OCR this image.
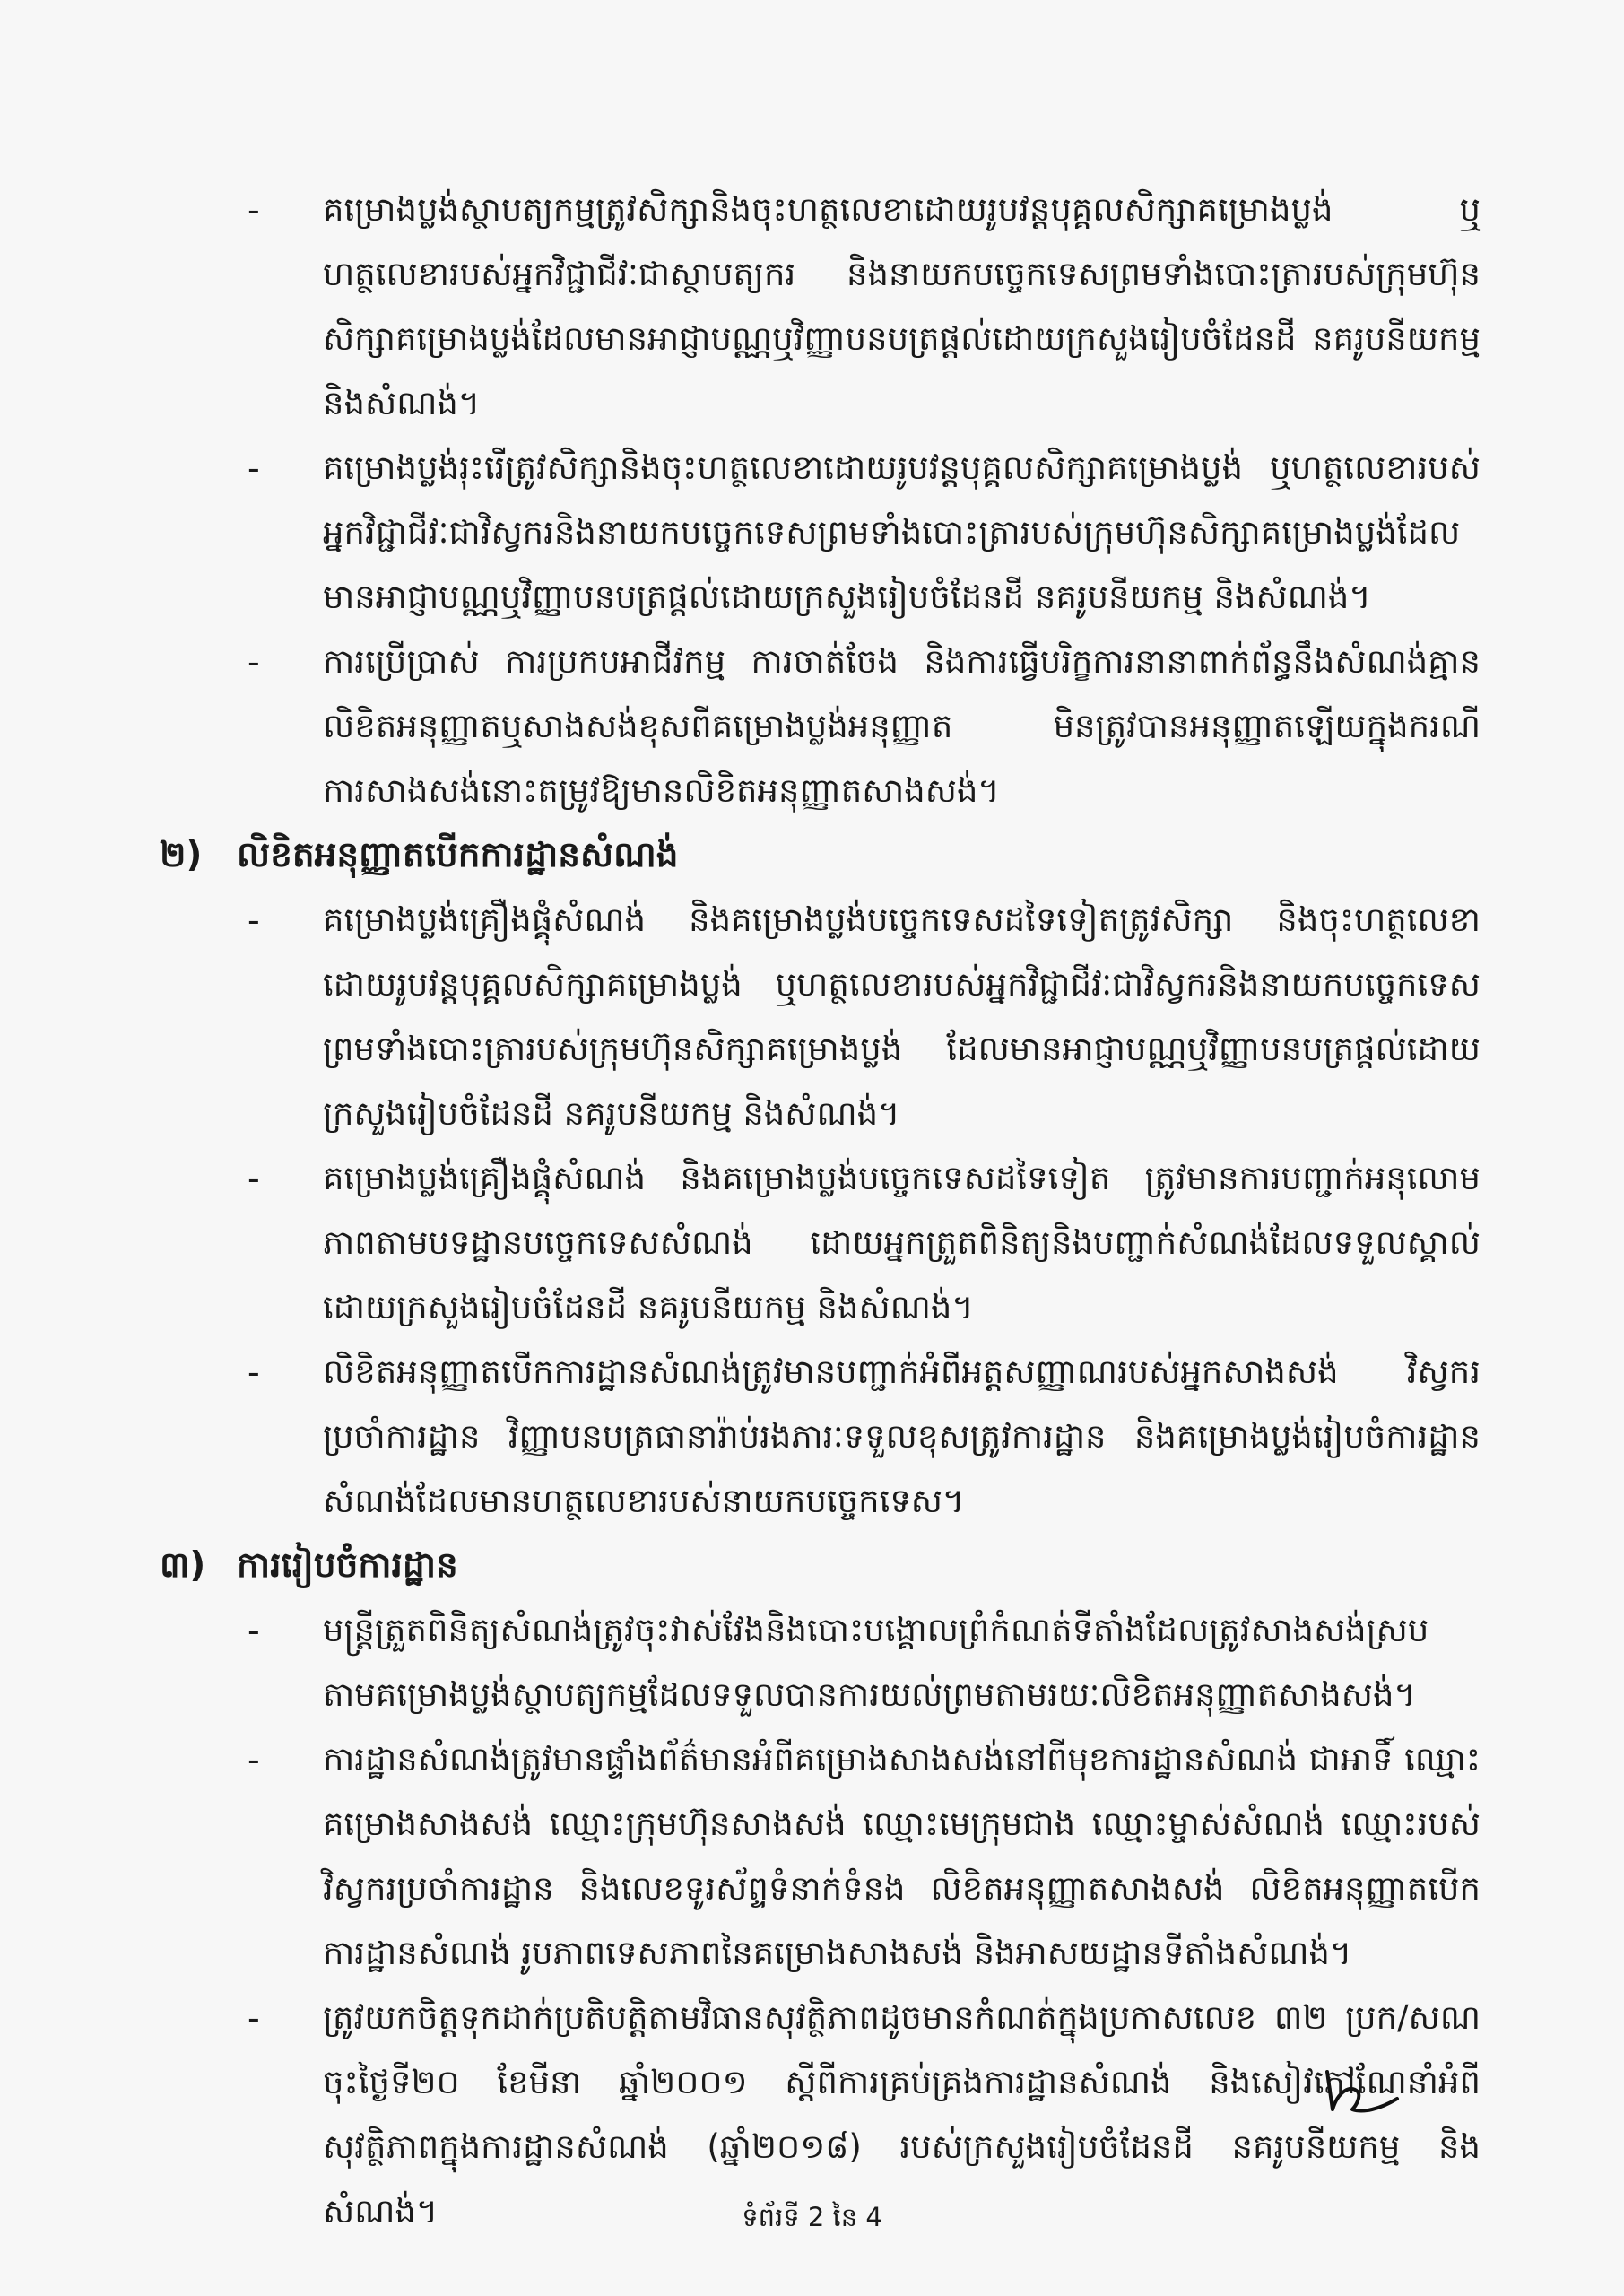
- គម្រោងប្លង់ស្ថាបត្យកម្មត្រូវសិក្សានិងចុះហត្ថលេខាដោយរូបវន្តបុគ្គលសិក្សាគម្រោងប្លង់ ឬហត្ថលេខារបស់អ្នកវិជ្ជាជីវៈជាស្ថាបត្យករ និងនាយកបច្ចេកទេសព្រមទាំងបោះត្រារបស់ក្រុមហ៊ុនសិក្សាគម្រោងប្លង់ដែលមានអាជ្ញាបណ្ណឬវិញ្ញាបនបត្រផ្តល់ដោយក្រសួងរៀបចំដែនដី នគរូបនីយកម្ម និងសំណង់។
- គម្រោងប្លង់រុះរើត្រូវសិក្សានិងចុះហត្ថលេខាដោយរូបវន្តបុគ្គលសិក្សាគម្រោងប្លង់ ឬហត្ថលេខារបស់អ្នកវិជ្ជាជីវៈជាវិស្វករនិងនាយកបច្ចេកទេសព្រមទាំងបោះត្រារបស់ក្រុមហ៊ុនសិក្សាគម្រោងប្លង់ដែលមានអាជ្ញាបណ្ណឬវិញ្ញាបនបត្រផ្តល់ដោយក្រសួងរៀបចំដែនដី នគរូបនីយកម្ម និងសំណង់។
- ការប្រើប្រាស់ ការប្រកបអាជីវកម្ម ការចាត់ចែង និងការធ្វើបរិក្ខការនានាពាក់ព័ន្ធនឹងសំណង់គ្មានលិខិតអនុញ្ញាតឬសាងសង់ខុសពីគម្រោងប្លង់អនុញ្ញាត មិនត្រូវបានអនុញ្ញាតឡើយក្នុងករណីការសាងសង់នោះតម្រូវឱ្យមានលិខិតអនុញ្ញាតសាងសង់។
២) លិខិតអនុញ្ញាតបើកការដ្ឋានសំណង់
- គម្រោងប្លង់គ្រឿងផ្គុំសំណង់ និងគម្រោងប្លង់បច្ចេកទេសដទៃទៀតត្រូវសិក្សា និងចុះហត្ថលេខាដោយរូបវន្តបុគ្គលសិក្សាគម្រោងប្លង់ ឬហត្ថលេខារបស់អ្នកវិជ្ជាជីវៈជាវិស្វករនិងនាយកបច្ចេកទេសព្រមទាំងបោះត្រារបស់ក្រុមហ៊ុនសិក្សាគម្រោងប្លង់ ដែលមានអាជ្ញាបណ្ណឬវិញ្ញាបនបត្រផ្តល់ដោយក្រសួងរៀបចំដែនដី នគរូបនីយកម្ម និងសំណង់។
- គម្រោងប្លង់គ្រឿងផ្គុំសំណង់ និងគម្រោងប្លង់បច្ចេកទេសដទៃទៀត ត្រូវមានការបញ្ជាក់អនុលោមភាពតាមបទដ្ឋានបច្ចេកទេសសំណង់ ដោយអ្នកត្រួតពិនិត្យនិងបញ្ជាក់សំណង់ដែលទទួលស្គាល់ដោយក្រសួងរៀបចំដែនដី នគរូបនីយកម្ម និងសំណង់។
- លិខិតអនុញ្ញាតបើកការដ្ឋានសំណង់ត្រូវមានបញ្ជាក់អំពីអត្តសញ្ញាណរបស់អ្នកសាងសង់ វិស្វករប្រចាំការដ្ឋាន វិញ្ញាបនបត្រធានារ៉ាប់រងភារៈទទួលខុសត្រូវការដ្ឋាន និងគម្រោងប្លង់រៀបចំការដ្ឋានសំណង់ដែលមានហត្ថលេខារបស់នាយកបច្ចេកទេស។
៣) ការរៀបចំការដ្ឋាន
- មន្ត្រីត្រួតពិនិត្យសំណង់ត្រូវចុះវាស់វែងនិងបោះបង្គោលព្រំកំណត់ទីតាំងដែលត្រូវសាងសង់ស្របតាមគម្រោងប្លង់ស្ថាបត្យកម្មដែលទទួលបានការយល់ព្រមតាមរយៈលិខិតអនុញ្ញាតសាងសង់។
- ការដ្ឋានសំណង់ត្រូវមានផ្ទាំងព័ត៌មានអំពីគម្រោងសាងសង់នៅពីមុខការដ្ឋានសំណង់ ជាអាទិ៍ ឈ្មោះគម្រោងសាងសង់ ឈ្មោះក្រុមហ៊ុនសាងសង់ ឈ្មោះមេក្រុមជាង ឈ្មោះម្ចាស់សំណង់ ឈ្មោះរបស់វិស្វករប្រចាំការដ្ឋាន និងលេខទូរស័ព្ទទំនាក់ទំនង លិខិតអនុញ្ញាតសាងសង់ លិខិតអនុញ្ញាតបើកការដ្ឋានសំណង់ រូបភាពទេសភាពនៃគម្រោងសាងសង់ និងអាសយដ្ឋានទីតាំងសំណង់។
- ត្រូវយកចិត្តទុកដាក់ប្រតិបត្តិតាមវិធានសុវត្ថិភាពដូចមានកំណត់ក្នុងប្រកាសលេខ ៣២ ប្រក/សណ ចុះថ្ងៃទី២០ ខែមីនា ឆ្នាំ២០០១ ស្តីពីការគ្រប់គ្រងការដ្ឋានសំណង់ និងសៀវភៅណែនាំអំពីសុវត្ថិភាពក្នុងការដ្ឋានសំណង់ (ឆ្នាំ២០១៨) របស់ក្រសួងរៀបចំដែនដី នគរូបនីយកម្ម និងសំណង់។	ទំព័រទី 2 នៃ 4
